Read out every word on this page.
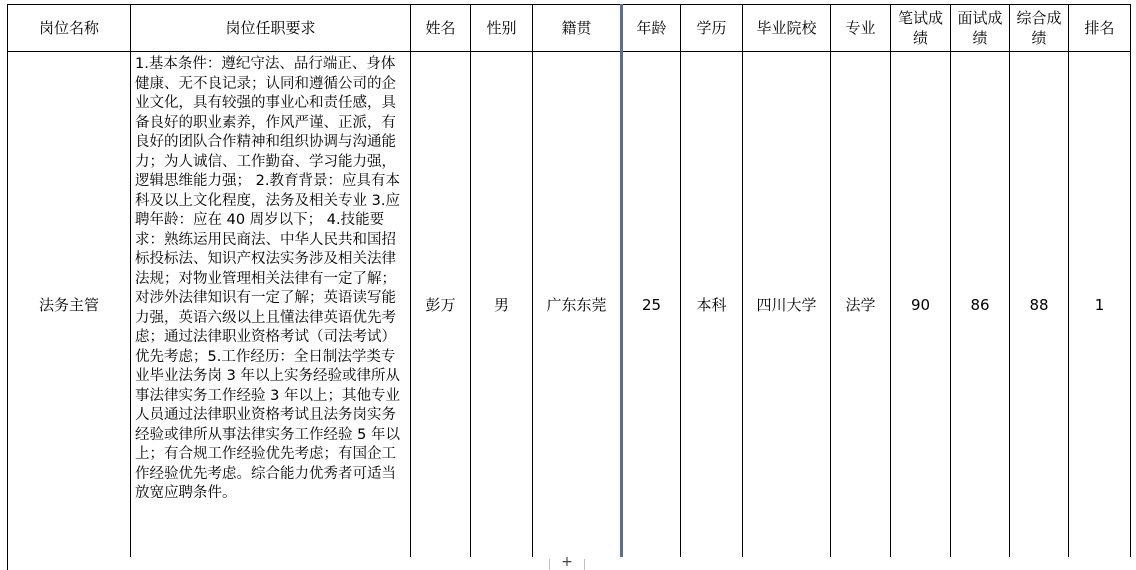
岗位名称	岗位任职要求	姓名	性别	籍贯	年龄	学历	毕业院校	专业	笔试成绩	面试成绩	综合成绩	排名
法务主管	1.基本条件：遵纪守法、品行端正、身体健康、无不良记录；认同和遵循公司的企业文化，具有较强的事业心和责任感，具备良好的职业素养，作风严谨、正派，有良好的团队合作精神和组织协调与沟通能力；为人诚信、工作勤奋、学习能力强，逻辑思维能力强； 2.教育背景：应具有本科及以上文化程度，法务及相关专业 3.应聘年龄：应在 40 周岁以下； 4.技能要求：熟练运用民商法、中华人民共和国招标投标法、知识产权法实务涉及相关法律法规；对物业管理相关法律有一定了解；对涉外法律知识有一定了解；英语读写能力强，英语六级以上且懂法律英语优先考虑；通过法律职业资格考试（司法考试）优先考虑；5.工作经历：全日制法学类专业毕业法务岗 3 年以上实务经验或律所从事法律实务工作经验 3 年以上；其他专业人员通过法律职业资格考试且法务岗实务经验或律所从事法律实务工作经验 5 年以上；有合规工作经验优先考虑；有国企工作经验优先考虑。综合能力优秀者可适当放宽应聘条件。	彭万	男	广东东莞	25	本科	四川大学	法学	90	86	88	1
+
